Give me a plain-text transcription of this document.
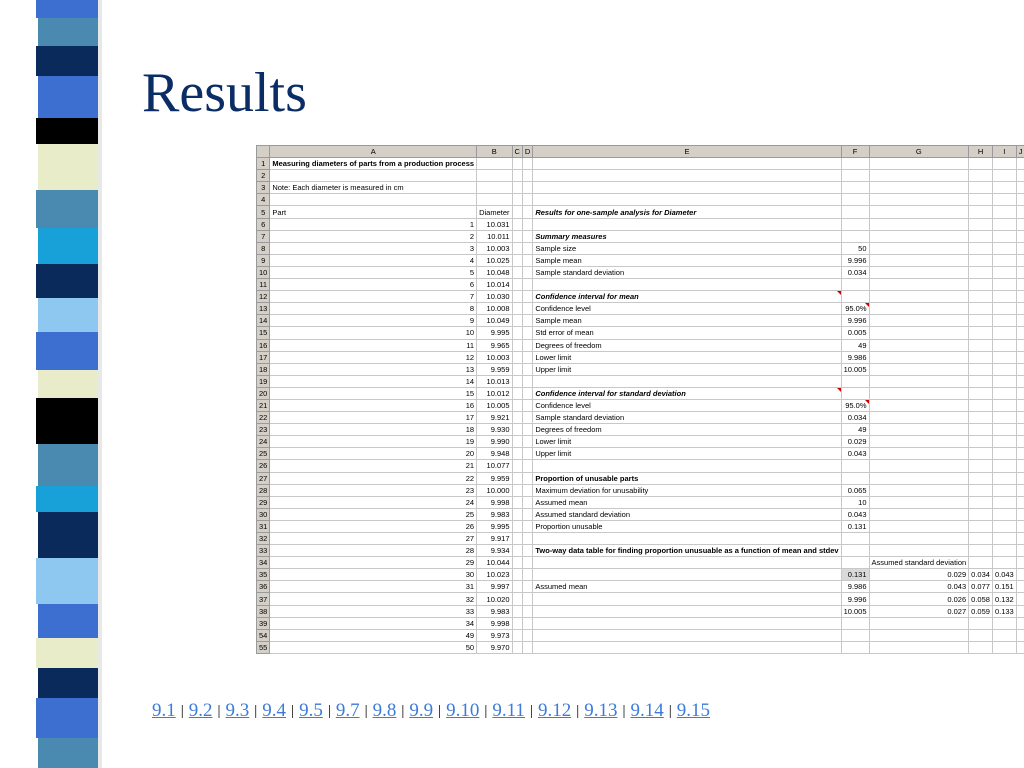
Results
	A	B	C	D	E	F	G	H	I	J
1	Measuring diameters of parts from a production process									
2										
3	Note: Each diameter is measured in cm									
4										
5	Part	Diameter			Results for one-sample analysis for Diameter					
6	1	10.031								
7	2	10.011			Summary measures					
8	3	10.003			Sample size	50				
9	4	10.025			Sample mean	9.996				
10	5	10.048			Sample standard deviation	0.034				
11	6	10.014								
12	7	10.030			Confidence interval for mean					
13	8	10.008			Confidence level	95.0%				
14	9	10.049			Sample mean	9.996				
15	10	9.995			Std error of mean	0.005				
16	11	9.965			Degrees of freedom	49				
17	12	10.003			Lower limit	9.986				
18	13	9.959			Upper limit	10.005				
19	14	10.013								
20	15	10.012			Confidence interval for standard deviation					
21	16	10.005			Confidence level	95.0%				
22	17	9.921			Sample standard deviation	0.034				
23	18	9.930			Degrees of freedom	49				
24	19	9.990			Lower limit	0.029				
25	20	9.948			Upper limit	0.043				
26	21	10.077								
27	22	9.959			Proportion of unusable parts					
28	23	10.000			Maximum deviation for unusability	0.065				
29	24	9.998			Assumed mean	10				
30	25	9.983			Assumed standard deviation	0.043				
31	26	9.995			Proportion unusable	0.131				
32	27	9.917								
33	28	9.934			Two-way data table for finding proportion unusuable as a function of mean and stdev					
34	29	10.044					Assumed standard deviation			
35	30	10.023				0.131	0.029	0.034	0.043	
36	31	9.997			Assumed mean	9.986	0.043	0.077	0.151	
37	32	10.020				9.996	0.026	0.058	0.132	
38	33	9.983				10.005	0.027	0.059	0.133	
39	34	9.998								
54	49	9.973								
55	50	9.970								
9.1 | 9.2 | 9.3 | 9.4 | 9.5 | 9.7 | 9.8 | 9.9 | 9.10 | 9.11 | 9.12 | 9.13 | 9.14 | 9.15
